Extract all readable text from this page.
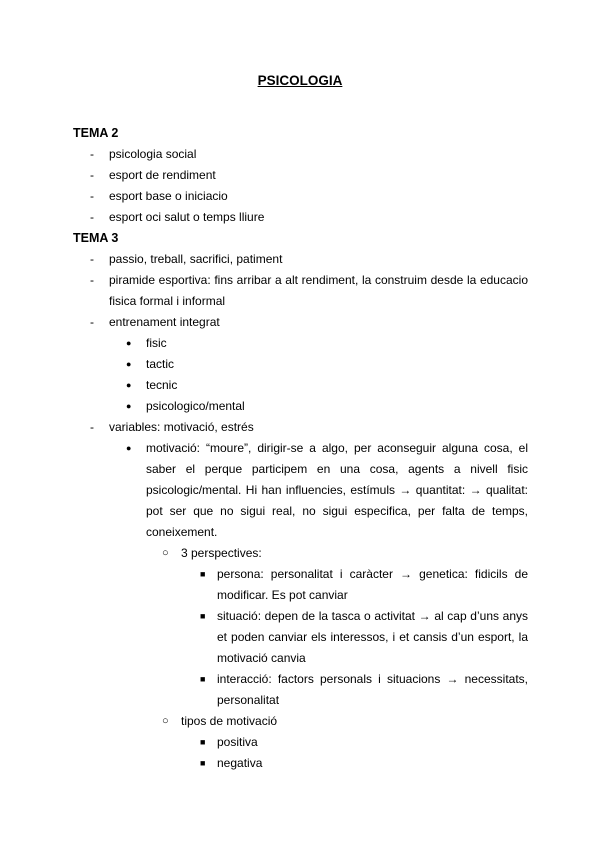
PSICOLOGIA
TEMA 2
- psicologia social
- esport de rendiment
- esport base o iniciacio
- esport oci salut o temps lliure
TEMA 3
- passio, treball, sacrifici, patiment
- piramide esportiva: fins arribar a alt rendiment, la construim desde la educacio fisica formal i informal
- entrenament integrat
● fisic
● tactic
● tecnic
● psicologico/mental
- variables: motivació, estrés
● motivació: “moure”, dirigir-se a algo, per aconseguir alguna cosa, el saber el perque participem en una cosa, agents a nivell fisic psicologic/mental. Hi han influencies, estímuls → quantitat: → qualitat: pot ser que no sigui real, no sigui especifica, per falta de temps, coneixement.
○ 3 perspectives:
■ persona: personalitat i caràcter → genetica: fidicils de modificar. Es pot canviar
■ situació: depen de la tasca o activitat → al cap d’uns anys et poden canviar els interessos, i et cansis d’un esport, la motivació canvia
■ interacció: factors personals i situacions → necessitats, personalitat
○ tipos de motivació
■ positiva
■ negativa
